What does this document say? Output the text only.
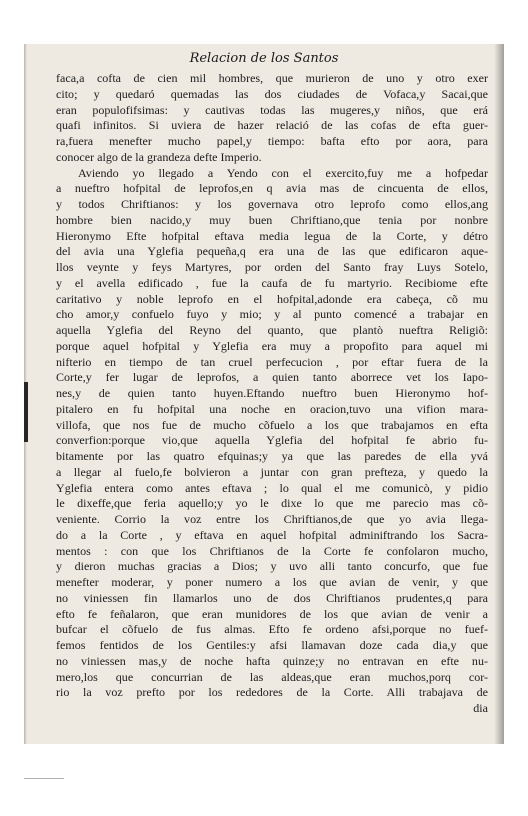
Relacion de los Santos
faca,a cofta de cien mil hombres, que murieron de uno y otro exer
cito; y quedaró quemadas las dos ciudades de Vofaca,y Sacai,que
eran populofifsimas: y cautivas todas las mugeres,y niños, que erá
quafi infinitos. Si uviera de hazer relació de las cofas de efta guer-
ra,fuera menefter mucho papel,y tiempo: bafta efto por aora, para
conocer algo de la grandeza defte Imperio.
Aviendo yo llegado a Yendo con el exercito,fuy me a hofpedar
a nueftro hofpital de leprofos,en q avia mas de cincuenta de ellos,
y todos Chriftianos: y los governava otro leprofo como ellos,ang
hombre bien nacido,y muy buen Chriftiano,que tenia por nonbre
Hieronymo Efte hofpital eftava media legua de la Corte, y détro
del avia una Yglefia pequeña,q era una de las que edificaron aque-
llos veynte y feys Martyres, por orden del Santo fray Luys Sotelo,
y el avella edificado , fue la caufa de fu martyrio. Recibiome efte
caritativo y noble leprofo en el hofpital,adonde era cabeça, cõ mu
cho amor,y confuelo fuyo y mio; y al punto comencé a trabajar en
aquella Yglefia del Reyno del quanto, que plantò nueftra Religiõ:
porque aquel hofpital y Yglefia era muy a propofito para aquel mi
nifterio en tiempo de tan cruel perfecucion , por eftar fuera de la
Corte,y fer lugar de leprofos, a quien tanto aborrece vet los Iapo-
nes,y de quien tanto huyen.Eftando nueftro buen Hieronymo hof-
pitalero en fu hofpital una noche en oracion,tuvo una vifion mara-
villofa, que nos fue de mucho cõfuelo a los que trabajamos en efta
converfion:porque vio,que aquella Yglefia del hofpital fe abrio fu-
bitamente por las quatro efquinas;y ya que las paredes de ella yvá
a llegar al fuelo,fe bolvieron a juntar con gran prefteza, y quedo la
Yglefia entera como antes eftava ; lo qual el me comunicò, y pidio
le dixeffe,que feria aquello;y yo le dixe lo que me parecio mas cõ-
veniente. Corrio la voz entre los Chriftianos,de que yo avia llega-
do a la Corte , y eftava en aquel hofpital adminiftrando los Sacra-
mentos : con que los Chriftianos de la Corte fe confolaron mucho,
y dieron muchas gracias a Dios; y uvo alli tanto concurfo, que fue
menefter moderar, y poner numero a los que avian de venir, y que
no viniessen fin llamarlos uno de dos Chriftianos prudentes,q para
efto fe feñalaron, que eran munidores de los que avian de venir a
bufcar el cõfuelo de fus almas. Efto fe ordeno afsi,porque no fuef-
femos fentidos de los Gentiles:y afsi llamavan doze cada dia,y que
no viniessen mas,y de noche hafta quinze;y no entravan en efte nu-
mero,los que concurrian de las aldeas,que eran muchos,porq cor-
rio la voz prefto por los rededores de la Corte. Alli trabajava de
dia
